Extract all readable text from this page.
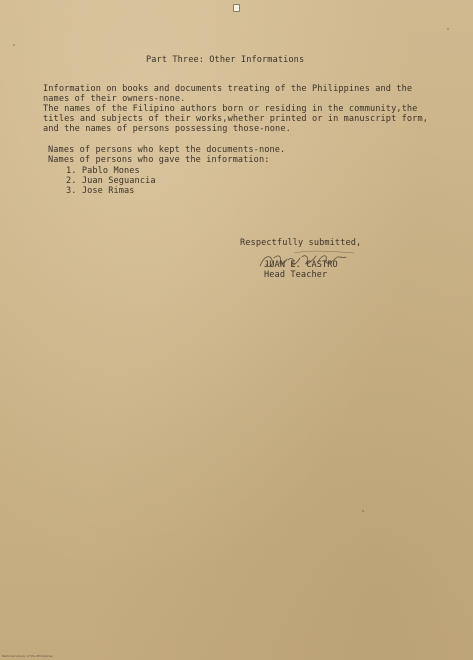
Part Three: Other Informations
Information on books and documents treating of the Philippines and the
names of their owners-none.
The names of the Filipino authors born or residing in the community,the
titles and subjects of their works,whether printed or in manuscript form,
and the names of persons possessing those-none.
Names of persons who kept the documents-none.
Names of persons who gave the information:
1. Pablo Mones
2. Juan Seguancia
3. Jose Rimas
Respectfully submitted,
JUAN E. CASTRO
Head Teacher
National Library of the Philippines
